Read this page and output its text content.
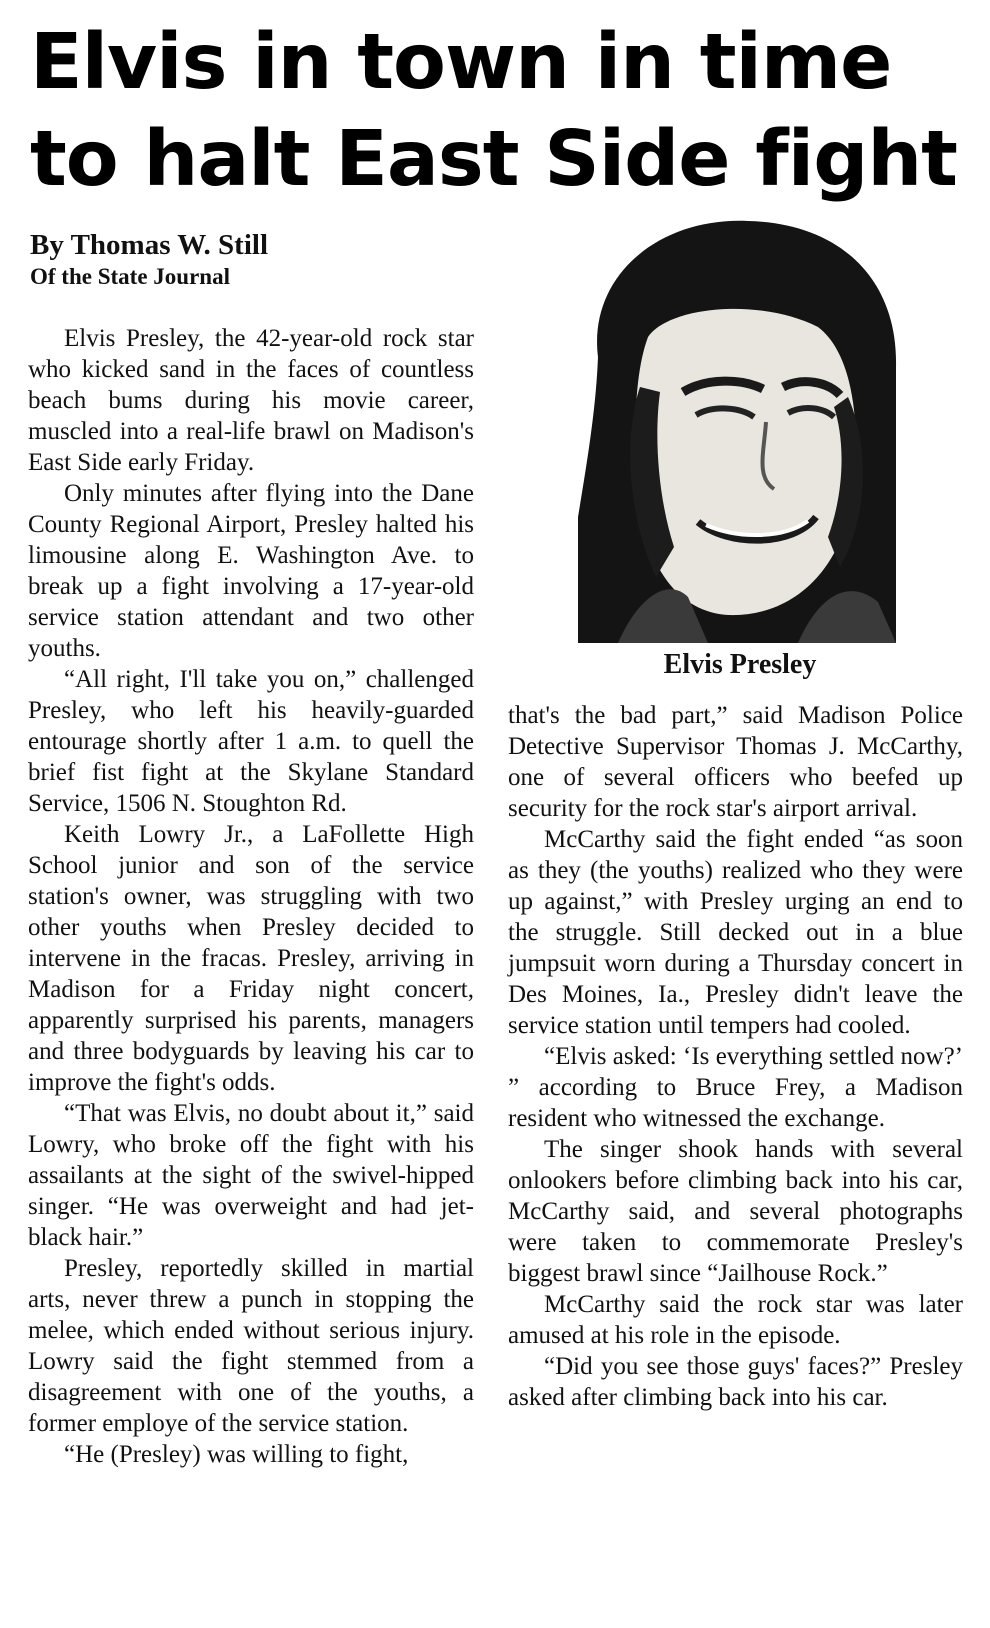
Elvis in town in time
to halt East Side fight
By Thomas W. Still
Of the State Journal

Elvis Presley, the 42-year-old rock star who kicked sand in the faces of countless beach bums during his movie career, muscled into a real-life brawl on Madison's East Side early Friday.

Only minutes after flying into the Dane County Regional Airport, Presley halted his limousine along E. Washington Ave. to break up a fight involving a 17-year-old service station attendant and two other youths.

“All right, I'll take you on,” challenged Presley, who left his heavily-guarded entourage shortly after 1 a.m. to quell the brief fist fight at the Skylane Standard Service, 1506 N. Stoughton Rd.

Keith Lowry Jr., a LaFollette High School junior and son of the service station's owner, was struggling with two other youths when Presley decided to intervene in the fracas. Presley, arriving in Madison for a Friday night concert, apparently surprised his parents, managers and three bodyguards by leaving his car to improve the fight's odds.

“That was Elvis, no doubt about it,” said Lowry, who broke off the fight with his assailants at the sight of the swivel-hipped singer. “He was overweight and had jet-black hair.”

Presley, reportedly skilled in martial arts, never threw a punch in stopping the melee, which ended without serious injury. Lowry said the fight stemmed from a disagreement with one of the youths, a former employe of the service station.

“He (Presley) was willing to fight,

Elvis Presley

that's the bad part,” said Madison Police Detective Supervisor Thomas J. McCarthy, one of several officers who beefed up security for the rock star's airport arrival.

McCarthy said the fight ended “as soon as they (the youths) realized who they were up against,” with Presley urging an end to the struggle. Still decked out in a blue jumpsuit worn during a Thursday concert in Des Moines, Ia., Presley didn't leave the service station until tempers had cooled.

“Elvis asked: ‘Is everything settled now?’ ” according to Bruce Frey, a Madison resident who witnessed the exchange.

The singer shook hands with several onlookers before climbing back into his car, McCarthy said, and several photographs were taken to commemorate Presley's biggest brawl since “Jailhouse Rock.”

McCarthy said the rock star was later amused at his role in the episode.

“Did you see those guys' faces?” Presley asked after climbing back into his car.
